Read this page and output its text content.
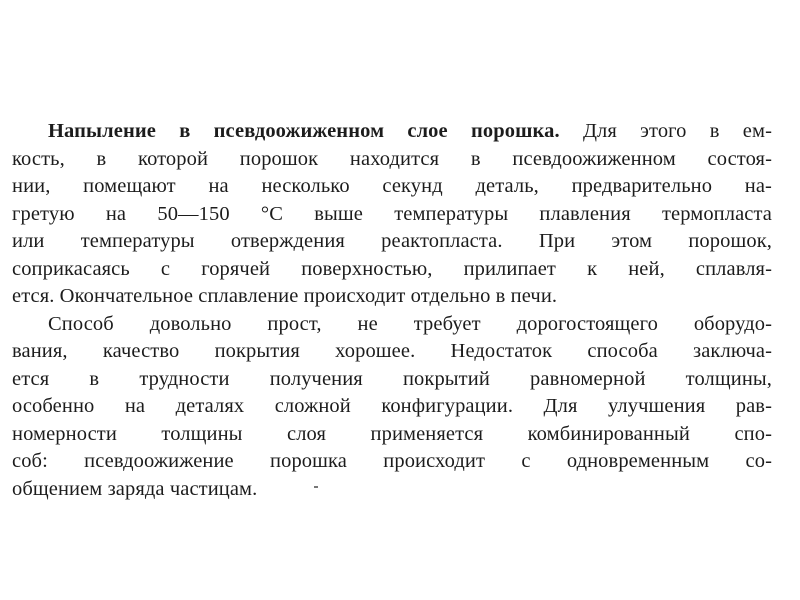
Напыление в псевдоожиженном слое порошка. Для этого в ем-
кость, в которой порошок находится в псевдоожиженном состоя-
нии, помещают на несколько секунд деталь, предварительно на-
гретую на 50—150 °С выше температуры плавления термопласта
или температуры отверждения реактопласта. При этом порошок,
соприкасаясь с горячей поверхностью, прилипает к ней, сплавля-
ется. Окончательное сплавление происходит отдельно в печи.
Способ довольно прост, не требует дорогостоящего оборудо-
вания, качество покрытия хорошее. Недостаток способа заключа-
ется в трудности получения покрытий равномерной толщины,
особенно на деталях сложной конфигурации. Для улучшения рав-
номерности толщины слоя применяется комбинированный спо-
соб: псевдоожижение порошка происходит с одновременным со-
общением заряда частицам.
